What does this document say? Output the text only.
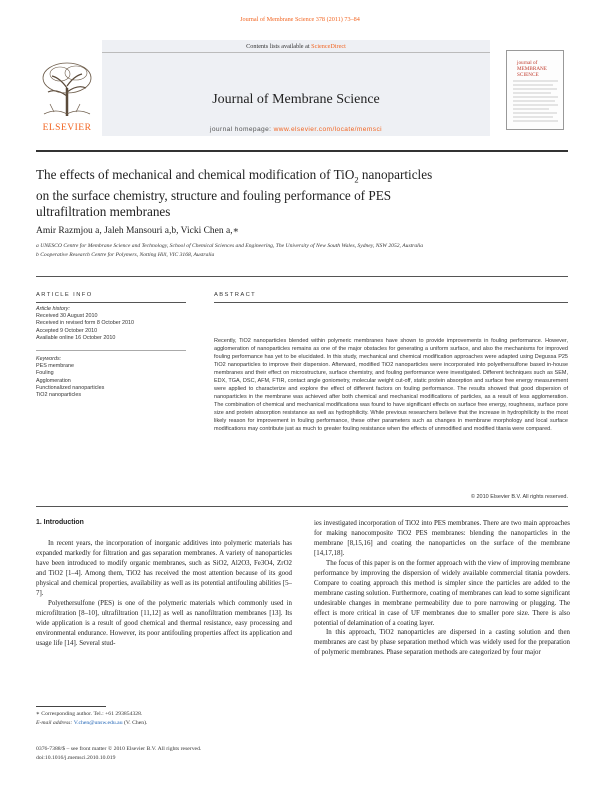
Journal of Membrane Science 378 (2011) 73–84
Contents lists available at ScienceDirect
Journal of Membrane Science
journal homepage: www.elsevier.com/locate/memsci
ELSEVIER
journal of MEMBRANE SCIENCE
The effects of mechanical and chemical modification of TiO$_2$ nanoparticles
on the surface chemistry, structure and fouling performance of PES
ultrafiltration membranes
Amir Razmjou a, Jaleh Mansouri a,b, Vicki Chen a,∗
a UNESCO Centre for Membrane Science and Technology, School of Chemical Sciences and Engineering, The University of New South Wales, Sydney, NSW 2052, Australia
b Cooperative Research Centre for Polymers, Notting Hill, VIC 3168, Australia
ARTICLE INFO	ABSTRACT
Article history:
Received 30 August 2010
Received in revised form 8 October 2010
Accepted 9 October 2010
Available online 16 October 2010
Keywords:
PES membrane
Fouling
Agglomeration
Functionalized nanoparticles
TiO2 nanoparticles
Recently, TiO2 nanoparticles blended within polymeric membranes have shown to provide improvements in fouling performance. However, agglomeration of nanoparticles remains as one of the major obstacles for generating a uniform surface, and also the mechanisms for improved fouling performance has yet to be elucidated. In this study, mechanical and chemical modification approaches were adapted using Degussa P25 TiO2 nanoparticles to improve their dispersion. Afterward, modified TiO2 nanoparticles were incorporated into polyethersulfone based in-house membranes and their effect on microstructure, surface chemistry, and fouling performance were investigated. Different techniques such as SEM, EDX, TGA, DSC, AFM, FTIR, contact angle goniometry, molecular weight cut-off, static protein absorption and surface free energy measurement were applied to characterize and explore the effect of different factors on fouling performance. The results showed that good dispersion of nanoparticles in the membrane was achieved after both chemical and mechanical modifications of particles, as a result of less agglomeration. The combination of chemical and mechanical modifications was found to have significant effects on surface free energy, roughness, surface pore size and protein absorption resistance as well as hydrophilicity. While previous researchers believe that the increase in hydrophilicity is the most likely reason for improvement in fouling performance, these other parameters such as changes in membrane morphology and local surface modifications may contribute just as much to greater fouling resistance when the effects of unmodified and modified titania were compared.
© 2010 Elsevier B.V. All rights reserved.
1. Introduction

In recent years, the incorporation of inorganic additives into polymeric materials has expanded markedly for filtration and gas separation membranes. A variety of nanoparticles have been introduced to modify organic membranes, such as SiO2, Al2O3, Fe3O4, ZrO2 and TiO2 [1–4]. Among them, TiO2 has received the most attention because of its good physical and chemical properties, availability as well as its potential antifouling abilities [5–7].

Polyethersulfone (PES) is one of the polymeric materials which commonly used in microfiltration [8–10], ultrafiltration [11,12] as well as nanofiltration membranes [13]. Its wide application is a result of good chemical and thermal resistance, easy processing and environmental endurance. However, its poor antifouling properties affect its application and usage life [14]. Several stud-

ies investigated incorporation of TiO2 into PES membranes. There are two main approaches for making nanocomposite TiO2 PES membranes: blending the nanoparticles in the membrane [8,15,16] and coating the nanoparticles on the surface of the membrane [14,17,18].

The focus of this paper is on the former approach with the view of improving membrane performance by improving the dispersion of widely available commercial titania powders. Compare to coating approach this method is simpler since the particles are added to the membrane casting solution. Furthermore, coating of membranes can lead to some significant undesirable changes in membrane permeability due to pore narrowing or plugging. The effect is more critical in case of UF membranes due to smaller pore size. There is also potential of delamination of a coating layer.

In this approach, TiO2 nanoparticles are dispersed in a casting solution and then membranes are cast by phase separation method which was widely used for the preparation of polymeric membranes. Phase separation methods are categorized by four major

∗ Corresponding author. Tel.: +61 293854328.
E-mail address: V.chen@unsw.edu.au (V. Chen).
0376-7388/$ – see front matter © 2010 Elsevier B.V. All rights reserved.
doi:10.1016/j.memsci.2010.10.019
